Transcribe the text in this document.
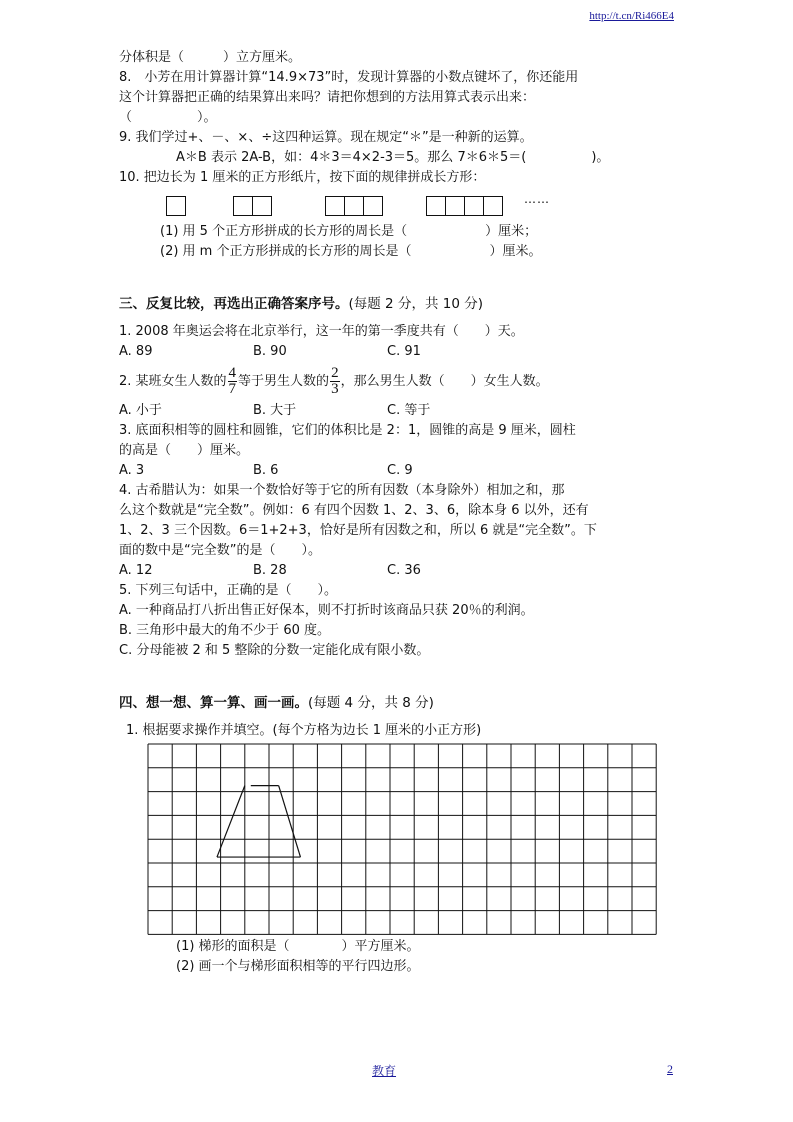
http://t.cn/Ri466E4

分体积是（　　　）立方厘米。

8.　小芳在用计算器计算“14.9×73”时，发现计算器的小数点键坏了，你还能用

这个计算器把正确的结果算出来吗？请把你想到的方法用算式表示出来：

（　　　　　）。

9. 我们学过+、－、×、÷这四种运算。现在规定“＊”是一种新的运算。

A＊B 表示 2A-B，如：4＊3＝4×2-3＝5。那么 7＊6＊5＝(　　　　　)。

10. 把边长为 1 厘米的正方形纸片，按下面的规律拼成长方形：

……

(1) 用 5 个正方形拼成的长方形的周长是（　　　　　　）厘米；

(2) 用 m 个正方形拼成的长方形的周长是（　　　　　　）厘米。

三、反复比较，再选出正确答案序号。(每题 2 分，共 10 分)

1. 2008 年奥运会将在北京举行，这一年的第一季度共有（　　）天。

A. 89	B. 90	C. 91

2. 某班女生人数的 $\frac{4}{7}$ 等于男生人数的 $\frac{2}{3}$ ，那么男生人数（　　）女生人数。

A. 小于	B. 大于	C. 等于

3. 底面积相等的圆柱和圆锥，它们的体积比是 2：1，圆锥的高是 9 厘米，圆柱

的高是（　　）厘米。

A. 3	B. 6	C. 9

4. 古希腊认为：如果一个数恰好等于它的所有因数（本身除外）相加之和，那

么这个数就是“完全数”。例如：6 有四个因数 1、2、3、6，除本身 6 以外，还有

1、2、3 三个因数。6＝1+2+3，恰好是所有因数之和，所以 6 就是“完全数”。下

面的数中是“完全数”的是（　　）。

A. 12	B. 28	C. 36

5. 下列三句话中，正确的是（　　）。

A. 一种商品打八折出售正好保本，则不打折时该商品只获 20％的利润。

B. 三角形中最大的角不少于 60 度。

C. 分母能被 2 和 5 整除的分数一定能化成有限小数。

四、想一想、算一算、画一画。(每题 4 分，共 8 分)

1. 根据要求操作并填空。(每个方格为边长 1 厘米的小正方形)

(1) 梯形的面积是（　　　　）平方厘米。

(2) 画一个与梯形面积相等的平行四边形。

教育	2
